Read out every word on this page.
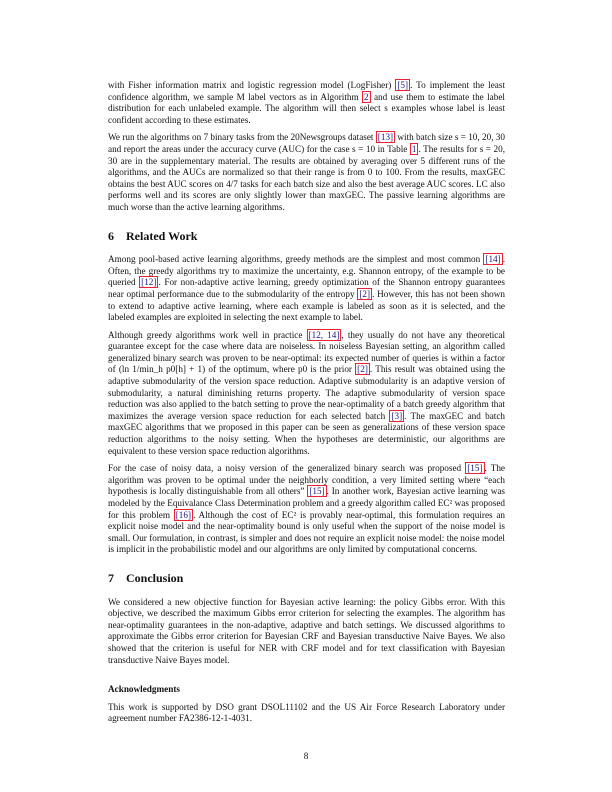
with Fisher information matrix and logistic regression model (LogFisher) [5] . To implement the least confidence algorithm, we sample M label vectors as in Algorithm 2 and use them to estimate the label distribution for each unlabeled example. The algorithm will then select s examples whose label is least confident according to these estimates.

We run the algorithms on 7 binary tasks from the 20Newsgroups dataset [13] with batch size s = 10, 20, 30 and report the areas under the accuracy curve (AUC) for the case s = 10 in Table 1 . The results for s = 20, 30 are in the supplementary material. The results are obtained by averaging over 5 different runs of the algorithms, and the AUCs are normalized so that their range is from 0 to 100. From the results, maxGEC obtains the best AUC scores on 4/7 tasks for each batch size and also the best average AUC scores. LC also performs well and its scores are only slightly lower than maxGEC. The passive learning algorithms are much worse than the active learning algorithms.

6 Related Work

Among pool-based active learning algorithms, greedy methods are the simplest and most common [14] . Often, the greedy algorithms try to maximize the uncertainty, e.g. Shannon entropy, of the example to be queried [12] . For non-adaptive active learning, greedy optimization of the Shannon entropy guarantees near optimal performance due to the submodularity of the entropy [2] . However, this has not been shown to extend to adaptive active learning, where each example is labeled as soon as it is selected, and the labeled examples are exploited in selecting the next example to label.

Although greedy algorithms work well in practice [12, 14] , they usually do not have any theoretical guarantee except for the case where data are noiseless. In noiseless Bayesian setting, an algorithm called generalized binary search was proven to be near-optimal: its expected number of queries is within a factor of (ln 1/min_h p0[h] + 1) of the optimum, where p0 is the prior [2] . This result was obtained using the adaptive submodularity of the version space reduction. Adaptive submodularity is an adaptive version of submodularity, a natural diminishing returns property. The adaptive submodularity of version space reduction was also applied to the batch setting to prove the near-optimality of a batch greedy algorithm that maximizes the average version space reduction for each selected batch [3] . The maxGEC and batch maxGEC algorithms that we proposed in this paper can be seen as generalizations of these version space reduction algorithms to the noisy setting. When the hypotheses are deterministic, our algorithms are equivalent to these version space reduction algorithms.

For the case of noisy data, a noisy version of the generalized binary search was proposed [15] . The algorithm was proven to be optimal under the neighborly condition, a very limited setting where “each hypothesis is locally distinguishable from all others” [15] . In another work, Bayesian active learning was modeled by the Equivalance Class Determination problem and a greedy algorithm called EC² was proposed for this problem [16] . Although the cost of EC² is provably near-optimal, this formulation requires an explicit noise model and the near-optimality bound is only useful when the support of the noise model is small. Our formulation, in contrast, is simpler and does not require an explicit noise model: the noise model is implicit in the probabilistic model and our algorithms are only limited by computational concerns.

7 Conclusion

We considered a new objective function for Bayesian active learning: the policy Gibbs error. With this objective, we described the maximum Gibbs error criterion for selecting the examples. The algorithm has near-optimality guarantees in the non-adaptive, adaptive and batch settings. We discussed algorithms to approximate the Gibbs error criterion for Bayesian CRF and Bayesian transductive Naive Bayes. We also showed that the criterion is useful for NER with CRF model and for text classification with Bayesian transductive Naive Bayes model.

Acknowledgments

This work is supported by DSO grant DSOL11102 and the US Air Force Research Laboratory under agreement number FA2386-12-1-4031.

8
